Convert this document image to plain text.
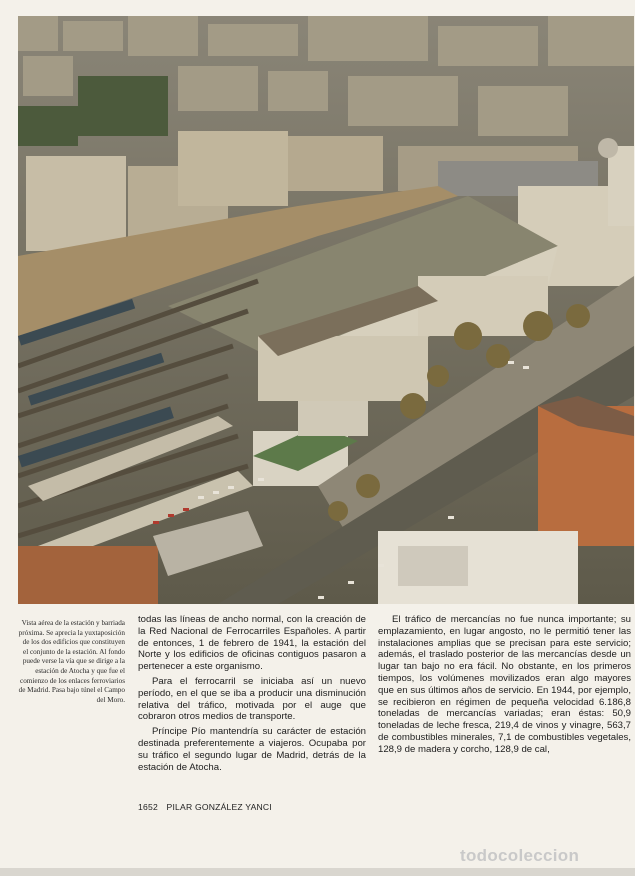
Vista aérea de la estación y barriada próxima. Se aprecia la yuxtaposición de los dos edificios que constituyen el conjunto de la estación. Al fondo puede verse la vía que se dirige a la estación de Atocha y que fue el comienzo de los enlaces ferroviarios de Madrid. Pasa bajo túnel el Campo del Moro.

todas las líneas de ancho normal, con la creación de la Red Nacional de Ferrocarriles Españoles. A partir de entonces, 1 de febrero de 1941, la estación del Norte y los edificios de oficinas contiguos pasaron a pertenecer a este organismo.

Para el ferrocarril se iniciaba así un nuevo período, en el que se iba a producir una disminución relativa del tráfico, motivada por el auge que cobraron otros medios de transporte.

Príncipe Pío mantendría su carácter de estación destinada preferentemente a viajeros. Ocupaba por su tráfico el segundo lugar de Madrid, detrás de la estación de Atocha.

El tráfico de mercancías no fue nunca importante; su emplazamiento, en lugar angosto, no le permitió tener las instalaciones amplias que se precisan para este servicio; además, el traslado posterior de las mercancías desde un lugar tan bajo no era fácil. No obstante, en los primeros tiempos, los volúmenes movilizados eran algo mayores que en sus últimos años de servicio. En 1944, por ejemplo, se recibieron en régimen de pequeña velocidad 6.186,8 toneladas de mercancías variadas; eran éstas: 50,9 toneladas de leche fresca, 219,4 de vinos y vinagre, 563,7 de combustibles minerales, 7,1 de combustibles vegetales, 128,9 de madera y corcho, 128,9 de cal,

1652 PILAR GONZÁLEZ YANCI
todocoleccion
